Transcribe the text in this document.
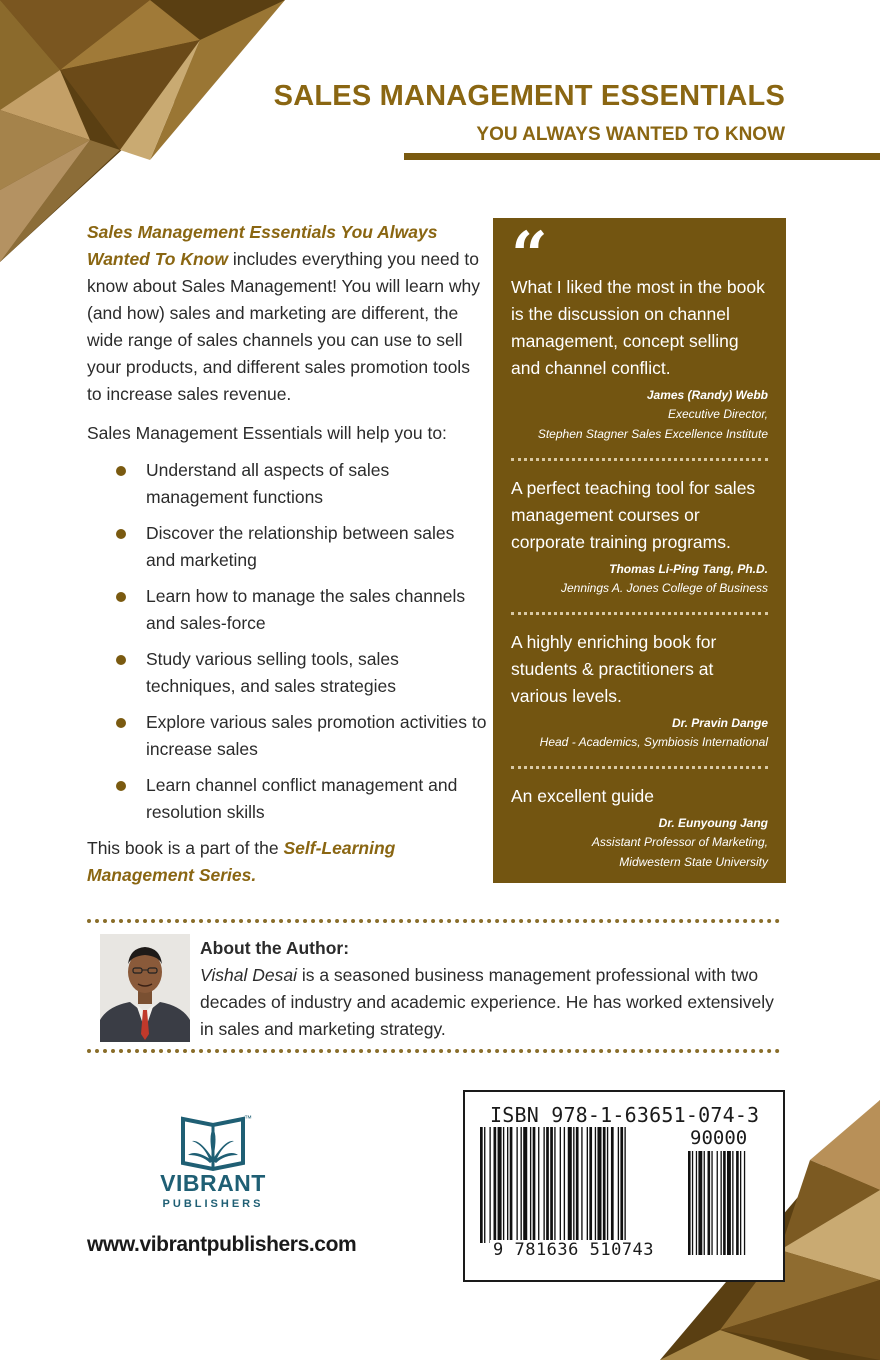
SALES MANAGEMENT ESSENTIALS
YOU ALWAYS WANTED TO KNOW

Sales Management Essentials You Always Wanted To Know includes everything you need to know about Sales Management! You will learn why (and how) sales and marketing are different, the wide range of sales channels you can use to sell your products, and different sales promotion tools to increase sales revenue.

Sales Management Essentials will help you to:

Understand all aspects of sales management functions
Discover the relationship between sales and marketing
Learn how to manage the sales channels and sales-force
Study various selling tools, sales techniques, and sales strategies
Explore various sales promotion activities to increase sales
Learn channel conflict management and resolution skills

This book is a part of the Self-Learning Management Series.

“

What I liked the most in the book is the discussion on channel management, concept selling and channel conflict.

James (Randy) Webb

Executive Director,

Stephen Stagner Sales Excellence Institute

A perfect teaching tool for sales management courses or corporate training programs.

Thomas Li-Ping Tang, Ph.D.

Jennings A. Jones College of Business

A highly enriching book for students & practitioners at various levels.

Dr. Pravin Dange

Head - Academics, Symbiosis International

An excellent guide

Dr. Eunyoung Jang

Assistant Professor of Marketing,

Midwestern State University

About the Author:

Vishal Desai is a seasoned business management professional with two decades of industry and academic experience. He has worked extensively in sales and marketing strategy.

™
VIBRANT
PUBLISHERS
www.vibrantpublishers.com
ISBN 978-1-63651-074-3
90000
9 781636 510743
